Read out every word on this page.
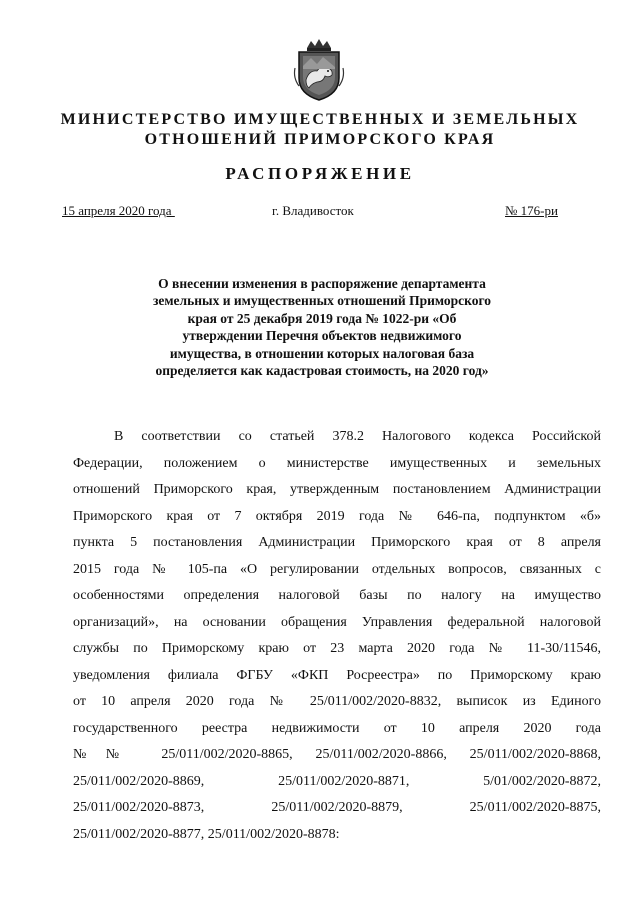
МИНИСТЕРСТВО ИМУЩЕСТВЕННЫХ И ЗЕМЕЛЬНЫХ
ОТНОШЕНИЙ ПРИМОРСКОГО КРАЯ
РАСПОРЯЖЕНИЕ
15 апреля 2020 года	г. Владивосток	№ 176-ри
О внесении изменения в распоряжение департамента
земельных и имущественных отношений Приморского
края от 25 декабря 2019 года № 1022-ри «Об
утверждении Перечня объектов недвижимого
имущества, в отношении которых налоговая база
определяется как кадастровая стоимость, на 2020 год»
В соответствии со статьей 378.2 Налогового кодекса Российской
Федерации, положением о министерстве имущественных и земельных
отношений Приморского края, утвержденным постановлением Администрации
Приморского края от 7 октября 2019 года № 646-па, подпунктом «б»
пункта 5 постановления Администрации Приморского края от 8 апреля
2015 года № 105-па «О регулировании отдельных вопросов, связанных с
особенностями определения налоговой базы по налогу на имущество
организаций», на основании обращения Управления федеральной налоговой
службы по Приморскому краю от 23 марта 2020 года № 11-30/11546,
уведомления филиала ФГБУ «ФКП Росреестра» по Приморскому краю
от 10 апреля 2020 года № 25/011/002/2020-8832, выписок из Единого
государственного реестра недвижимости от 10 апреля 2020 года
№№ 25/011/002/2020-8865, 25/011/002/2020-8866, 25/011/002/2020-8868,
25/011/002/2020-8869, 25/011/002/2020-8871, 5/01/002/2020-8872,
25/011/002/2020-8873, 25/011/002/2020-8879, 25/011/002/2020-8875,
25/011/002/2020-8877, 25/011/002/2020-8878:
